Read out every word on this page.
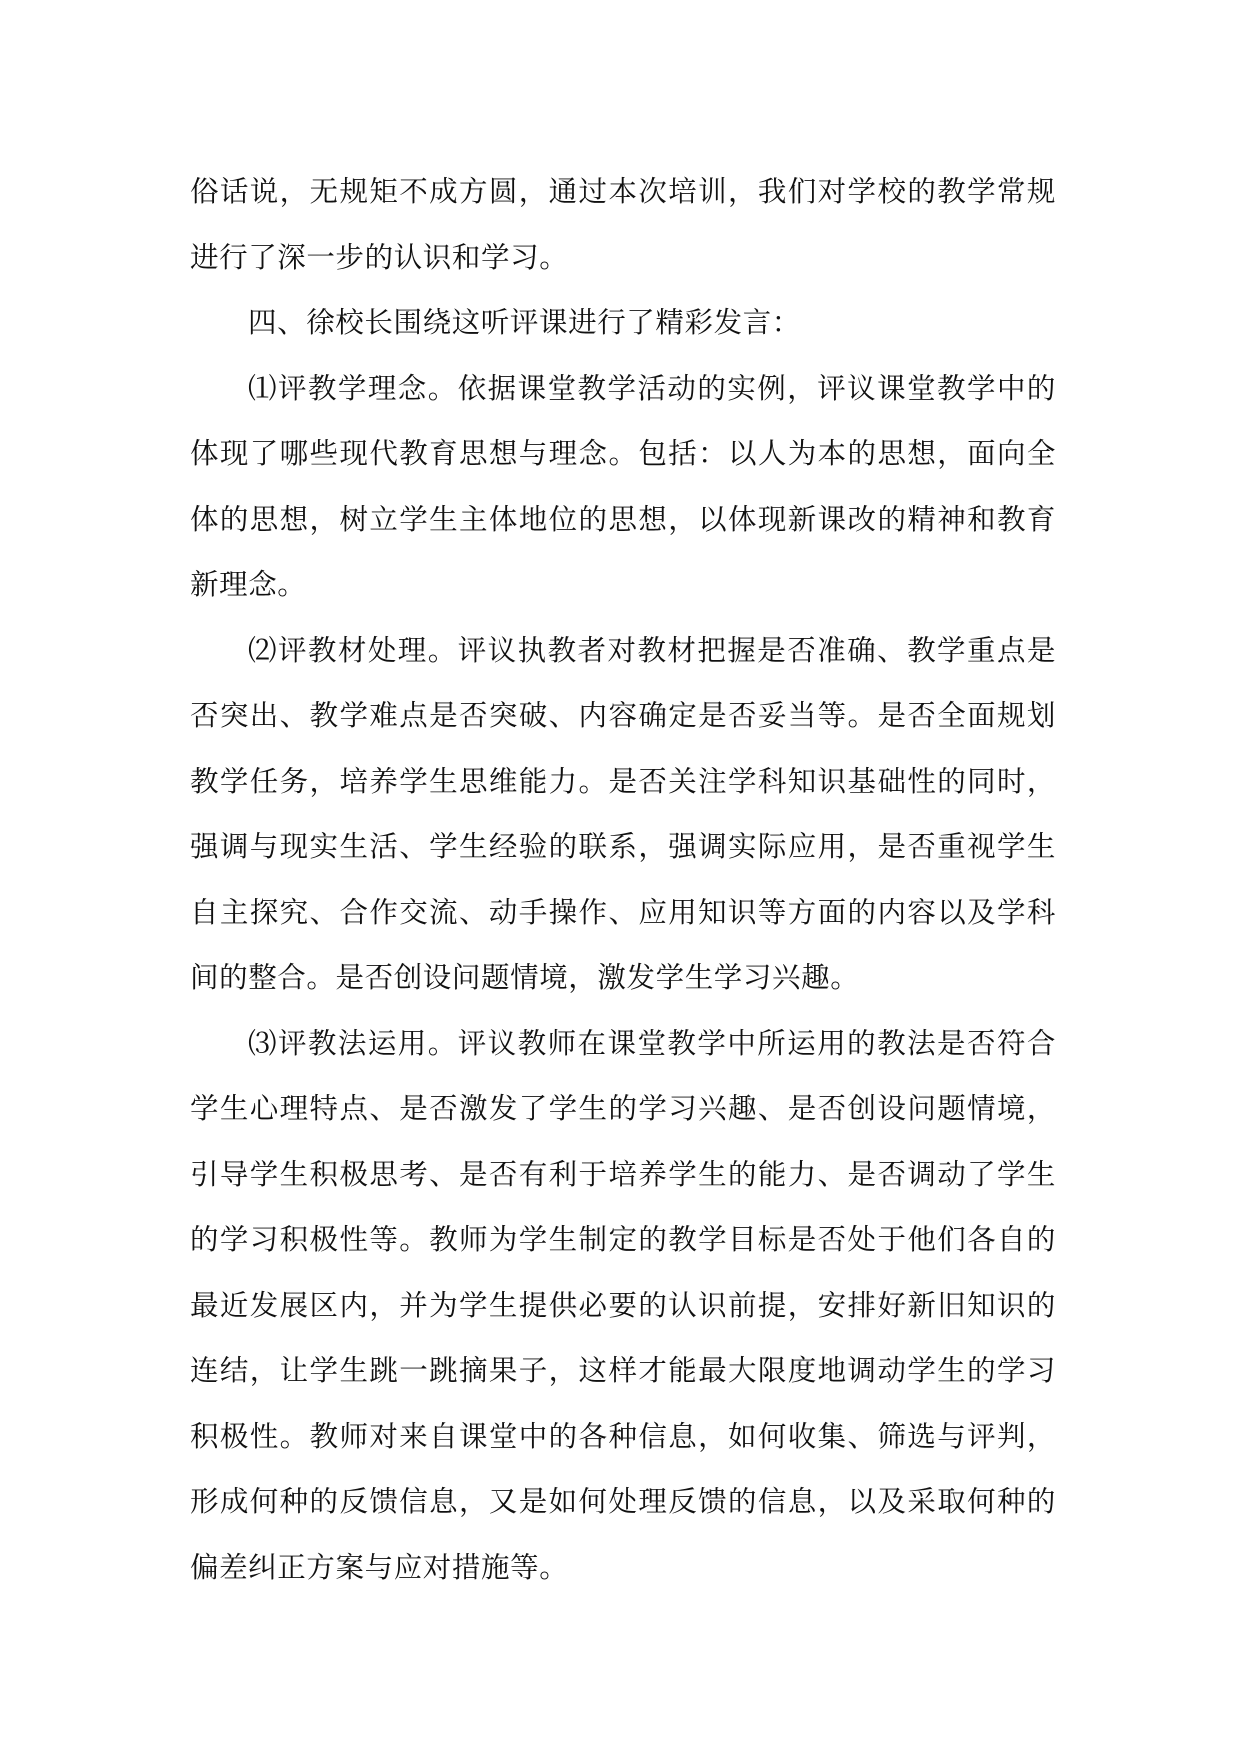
俗话说，无规矩不成方圆，通过本次培训，我们对学校的教学常规进行了深一步的认识和学习。

四、徐校长围绕这听评课进行了精彩发言：

⑴评教学理念。依据课堂教学活动的实例，评议课堂教学中的体现了哪些现代教育思想与理念。包括：以人为本的思想，面向全体的思想，树立学生主体地位的思想，以体现新课改的精神和教育新理念。

⑵评教材处理。评议执教者对教材把握是否准确、教学重点是否突出、教学难点是否突破、内容确定是否妥当等。是否全面规划教学任务，培养学生思维能力。是否关注学科知识基础性的同时，强调与现实生活、学生经验的联系，强调实际应用，是否重视学生自主探究、合作交流、动手操作、应用知识等方面的内容以及学科间的整合。是否创设问题情境，激发学生学习兴趣。

⑶评教法运用。评议教师在课堂教学中所运用的教法是否符合学生心理特点、是否激发了学生的学习兴趣、是否创设问题情境，引导学生积极思考、是否有利于培养学生的能力、是否调动了学生的学习积极性等。教师为学生制定的教学目标是否处于他们各自的最近发展区内，并为学生提供必要的认识前提，安排好新旧知识的连结，让学生跳一跳摘果子，这样才能最大限度地调动学生的学习积极性。教师对来自课堂中的各种信息，如何收集、筛选与评判，形成何种的反馈信息，又是如何处理反馈的信息，以及采取何种的偏差纠正方案与应对措施等。
